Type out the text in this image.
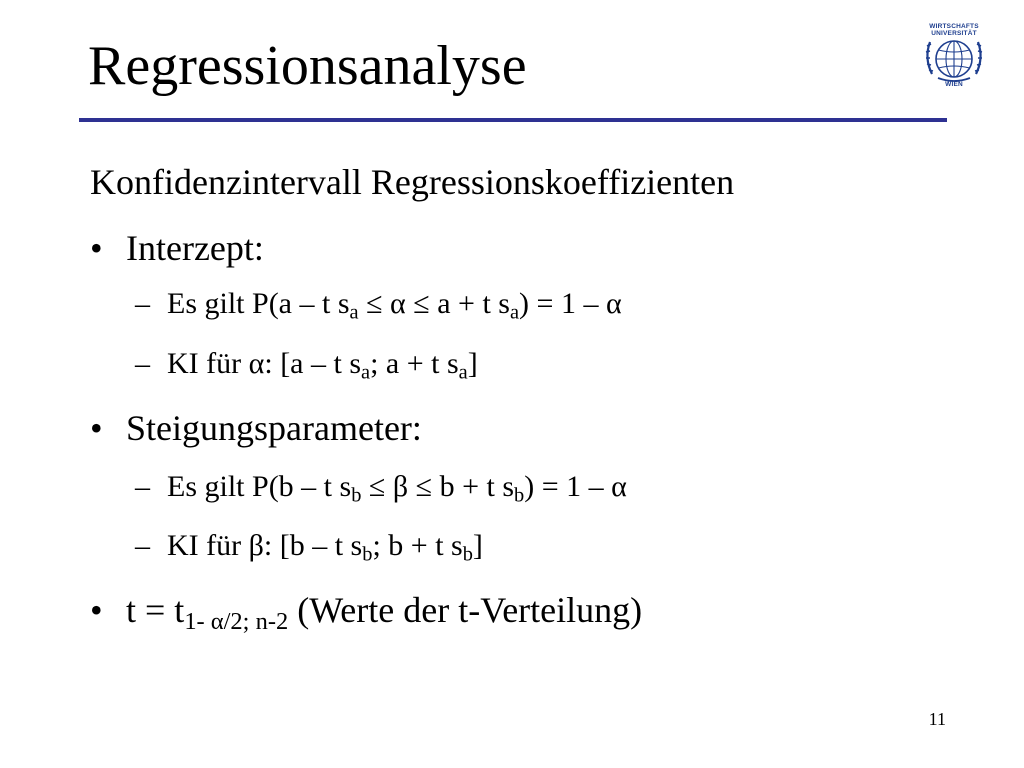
Regressionsanalyse
WIRTSCHAFTS
UNIVERSITÄT
WIEN
Konfidenzintervall Regressionskoeffizienten
• Interzept:
– Es gilt P(a – t $s_a \le \alpha \le a + t$ $s_a) = 1 - \alpha$
– KI für α: [a – t $s_a$; a + t $s_a$]
• Steigungsparameter:
– Es gilt P(b – t $s_b \le \beta \le b + t$ $s_b) = 1 - \alpha$
– KI für β: [b – t $s_b$; b + t $s_b$]
• $t = t_{1- \alpha/2; n-2}$ (Werte der t-Verteilung)
11
